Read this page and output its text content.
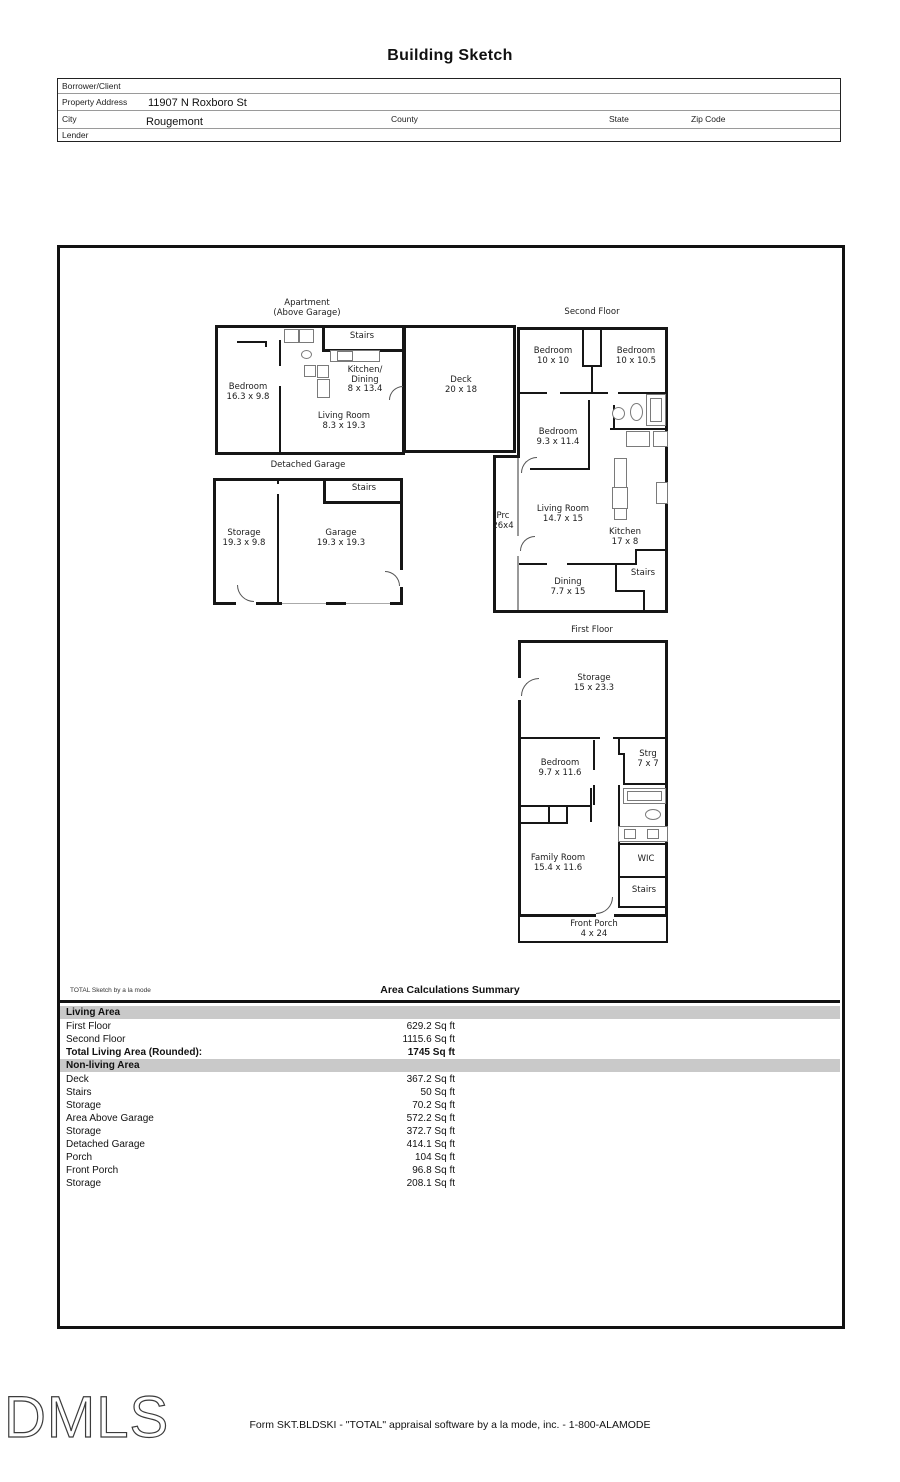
Building Sketch
Borrower/Client
Property Address 11907 N Roxboro St
City	Rougemont	County	State	Zip Code
Lender
Apartment
(Above Garage)
Stairs
Bedroom
16.3 x 9.8
Kitchen/
Dining
8 x 13.4
Living Room
8.3 x 19.3
Deck
20 x 18
Second Floor
Bedroom
10 x 10
Bedroom
10 x 10.5
Bedroom
9.3 x 11.4
Living Room
14.7 x 15
Kitchen
17 x 8
Prc
26x4
Stairs
Dining
7.7 x 15
First Floor
Storage
15 x 23.3
Bedroom
9.7 x 11.6
Strg
7 x 7
Family Room
15.4 x 11.6
WIC
Stairs
Front Porch
4 x 24
Detached Garage
Stairs
Storage
19.3 x 9.8
Garage
19.3 x 19.3
TOTAL Sketch by a la mode	Area Calculations Summary
Living Area
First Floor	629.2 Sq ft
Second Floor	1115.6 Sq ft
Total Living Area (Rounded):	1745 Sq ft
Non-living Area
Deck	367.2 Sq ft
Stairs	50 Sq ft
Storage	70.2 Sq ft
Area Above Garage	572.2 Sq ft
Storage	372.7 Sq ft
Detached Garage	414.1 Sq ft
Porch	104 Sq ft
Front Porch	96.8 Sq ft
Storage	208.1 Sq ft
DMLS	Form SKT.BLDSKI - "TOTAL" appraisal software by a la mode, inc. - 1-800-ALAMODE
